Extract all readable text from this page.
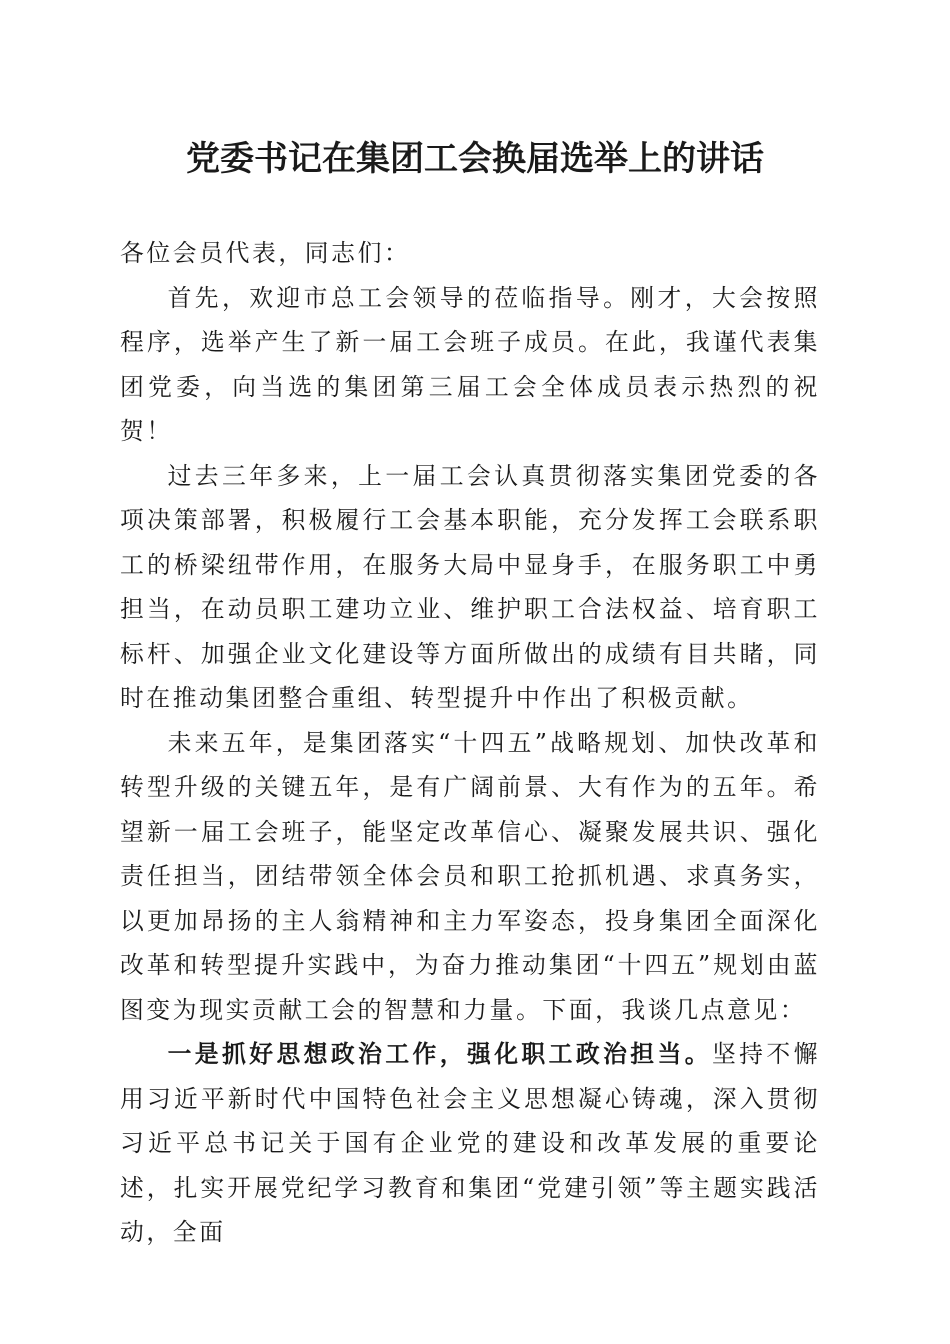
党委书记在集团工会换届选举上的讲话

各位会员代表，同志们：

首先，欢迎市总工会领导的莅临指导。刚才，大会按照程序，选举产生了新一届工会班子成员。在此，我谨代表集团党委，向当选的集团第三届工会全体成员表示热烈的祝贺！

过去三年多来，上一届工会认真贯彻落实集团党委的各项决策部署，积极履行工会基本职能，充分发挥工会联系职工的桥梁纽带作用，在服务大局中显身手，在服务职工中勇担当，在动员职工建功立业、维护职工合法权益、培育职工标杆、加强企业文化建设等方面所做出的成绩有目共睹，同时在推动集团整合重组、转型提升中作出了积极贡献。

未来五年，是集团落实“十四五”战略规划、加快改革和转型升级的关键五年，是有广阔前景、大有作为的五年。希望新一届工会班子，能坚定改革信心、凝聚发展共识、强化责任担当，团结带领全体会员和职工抢抓机遇、求真务实，以更加昂扬的主人翁精神和主力军姿态，投身集团全面深化改革和转型提升实践中，为奋力推动集团“十四五”规划由蓝图变为现实贡献工会的智慧和力量。下面，我谈几点意见：

一是抓好思想政治工作，强化职工政治担当。坚持不懈用习近平新时代中国特色社会主义思想凝心铸魂，深入贯彻习近平总书记关于国有企业党的建设和改革发展的重要论述，扎实开展党纪学习教育和集团“党建引领”等主题实践活动，全面
